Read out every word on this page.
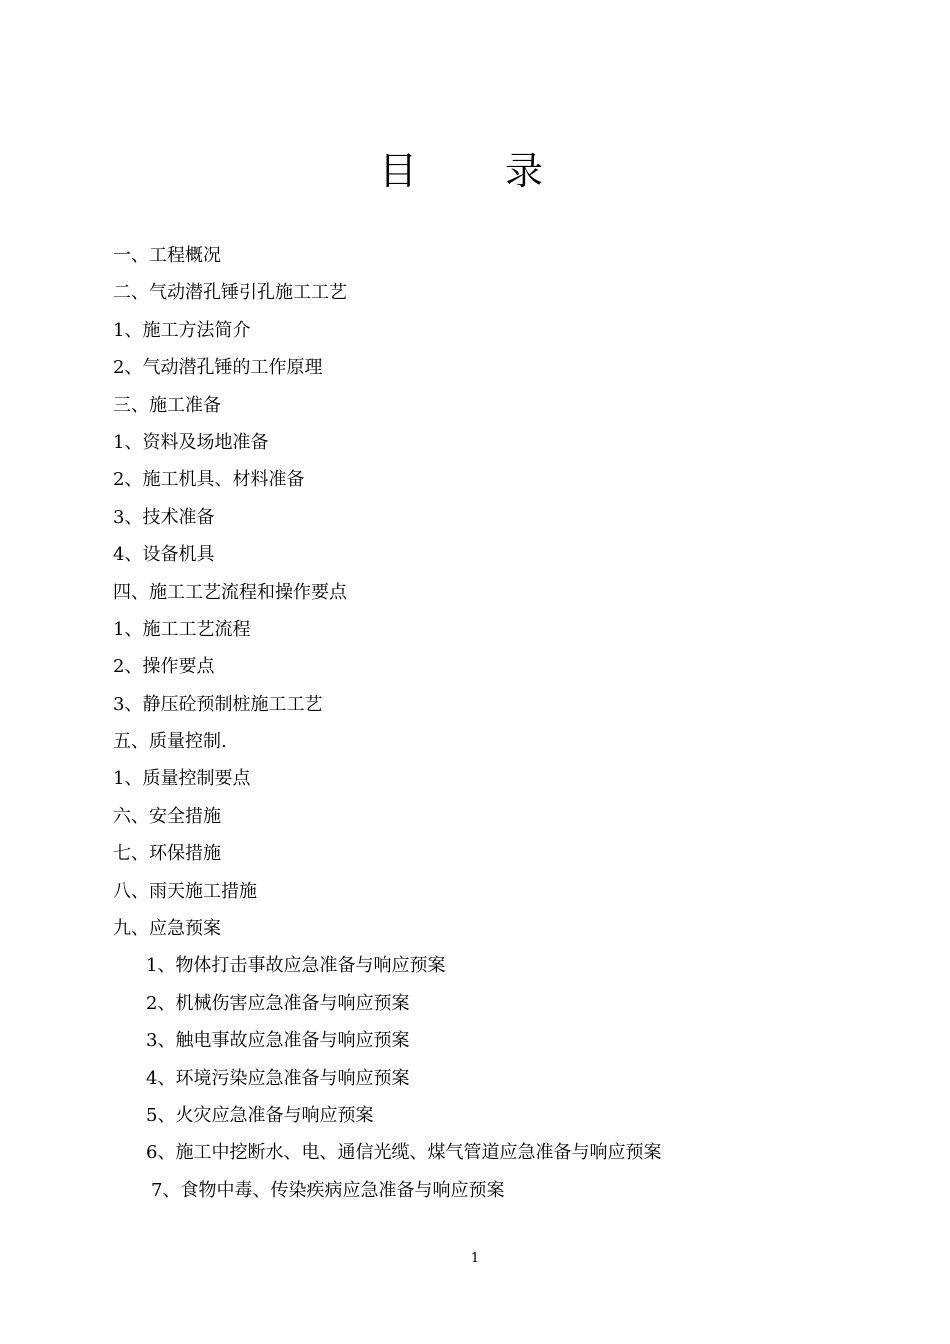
目 录
一、工程概况
二、气动潜孔锤引孔施工工艺
1、施工方法简介
2、气动潜孔锤的工作原理
三、施工准备
1、资料及场地准备
2、施工机具、材料准备
3、技术准备
4、设备机具
四、施工工艺流程和操作要点
1、施工工艺流程
2、操作要点
3、静压砼预制桩施工工艺
五、质量控制.
1、质量控制要点
六、安全措施
七、环保措施
八、雨天施工措施
九、应急预案
1、物体打击事故应急准备与响应预案
2、机械伤害应急准备与响应预案
3、触电事故应急准备与响应预案
4、环境污染应急准备与响应预案
5、火灾应急准备与响应预案
6、施工中挖断水、电、通信光缆、煤气管道应急准备与响应预案
7、食物中毒、传染疾病应急准备与响应预案
1
